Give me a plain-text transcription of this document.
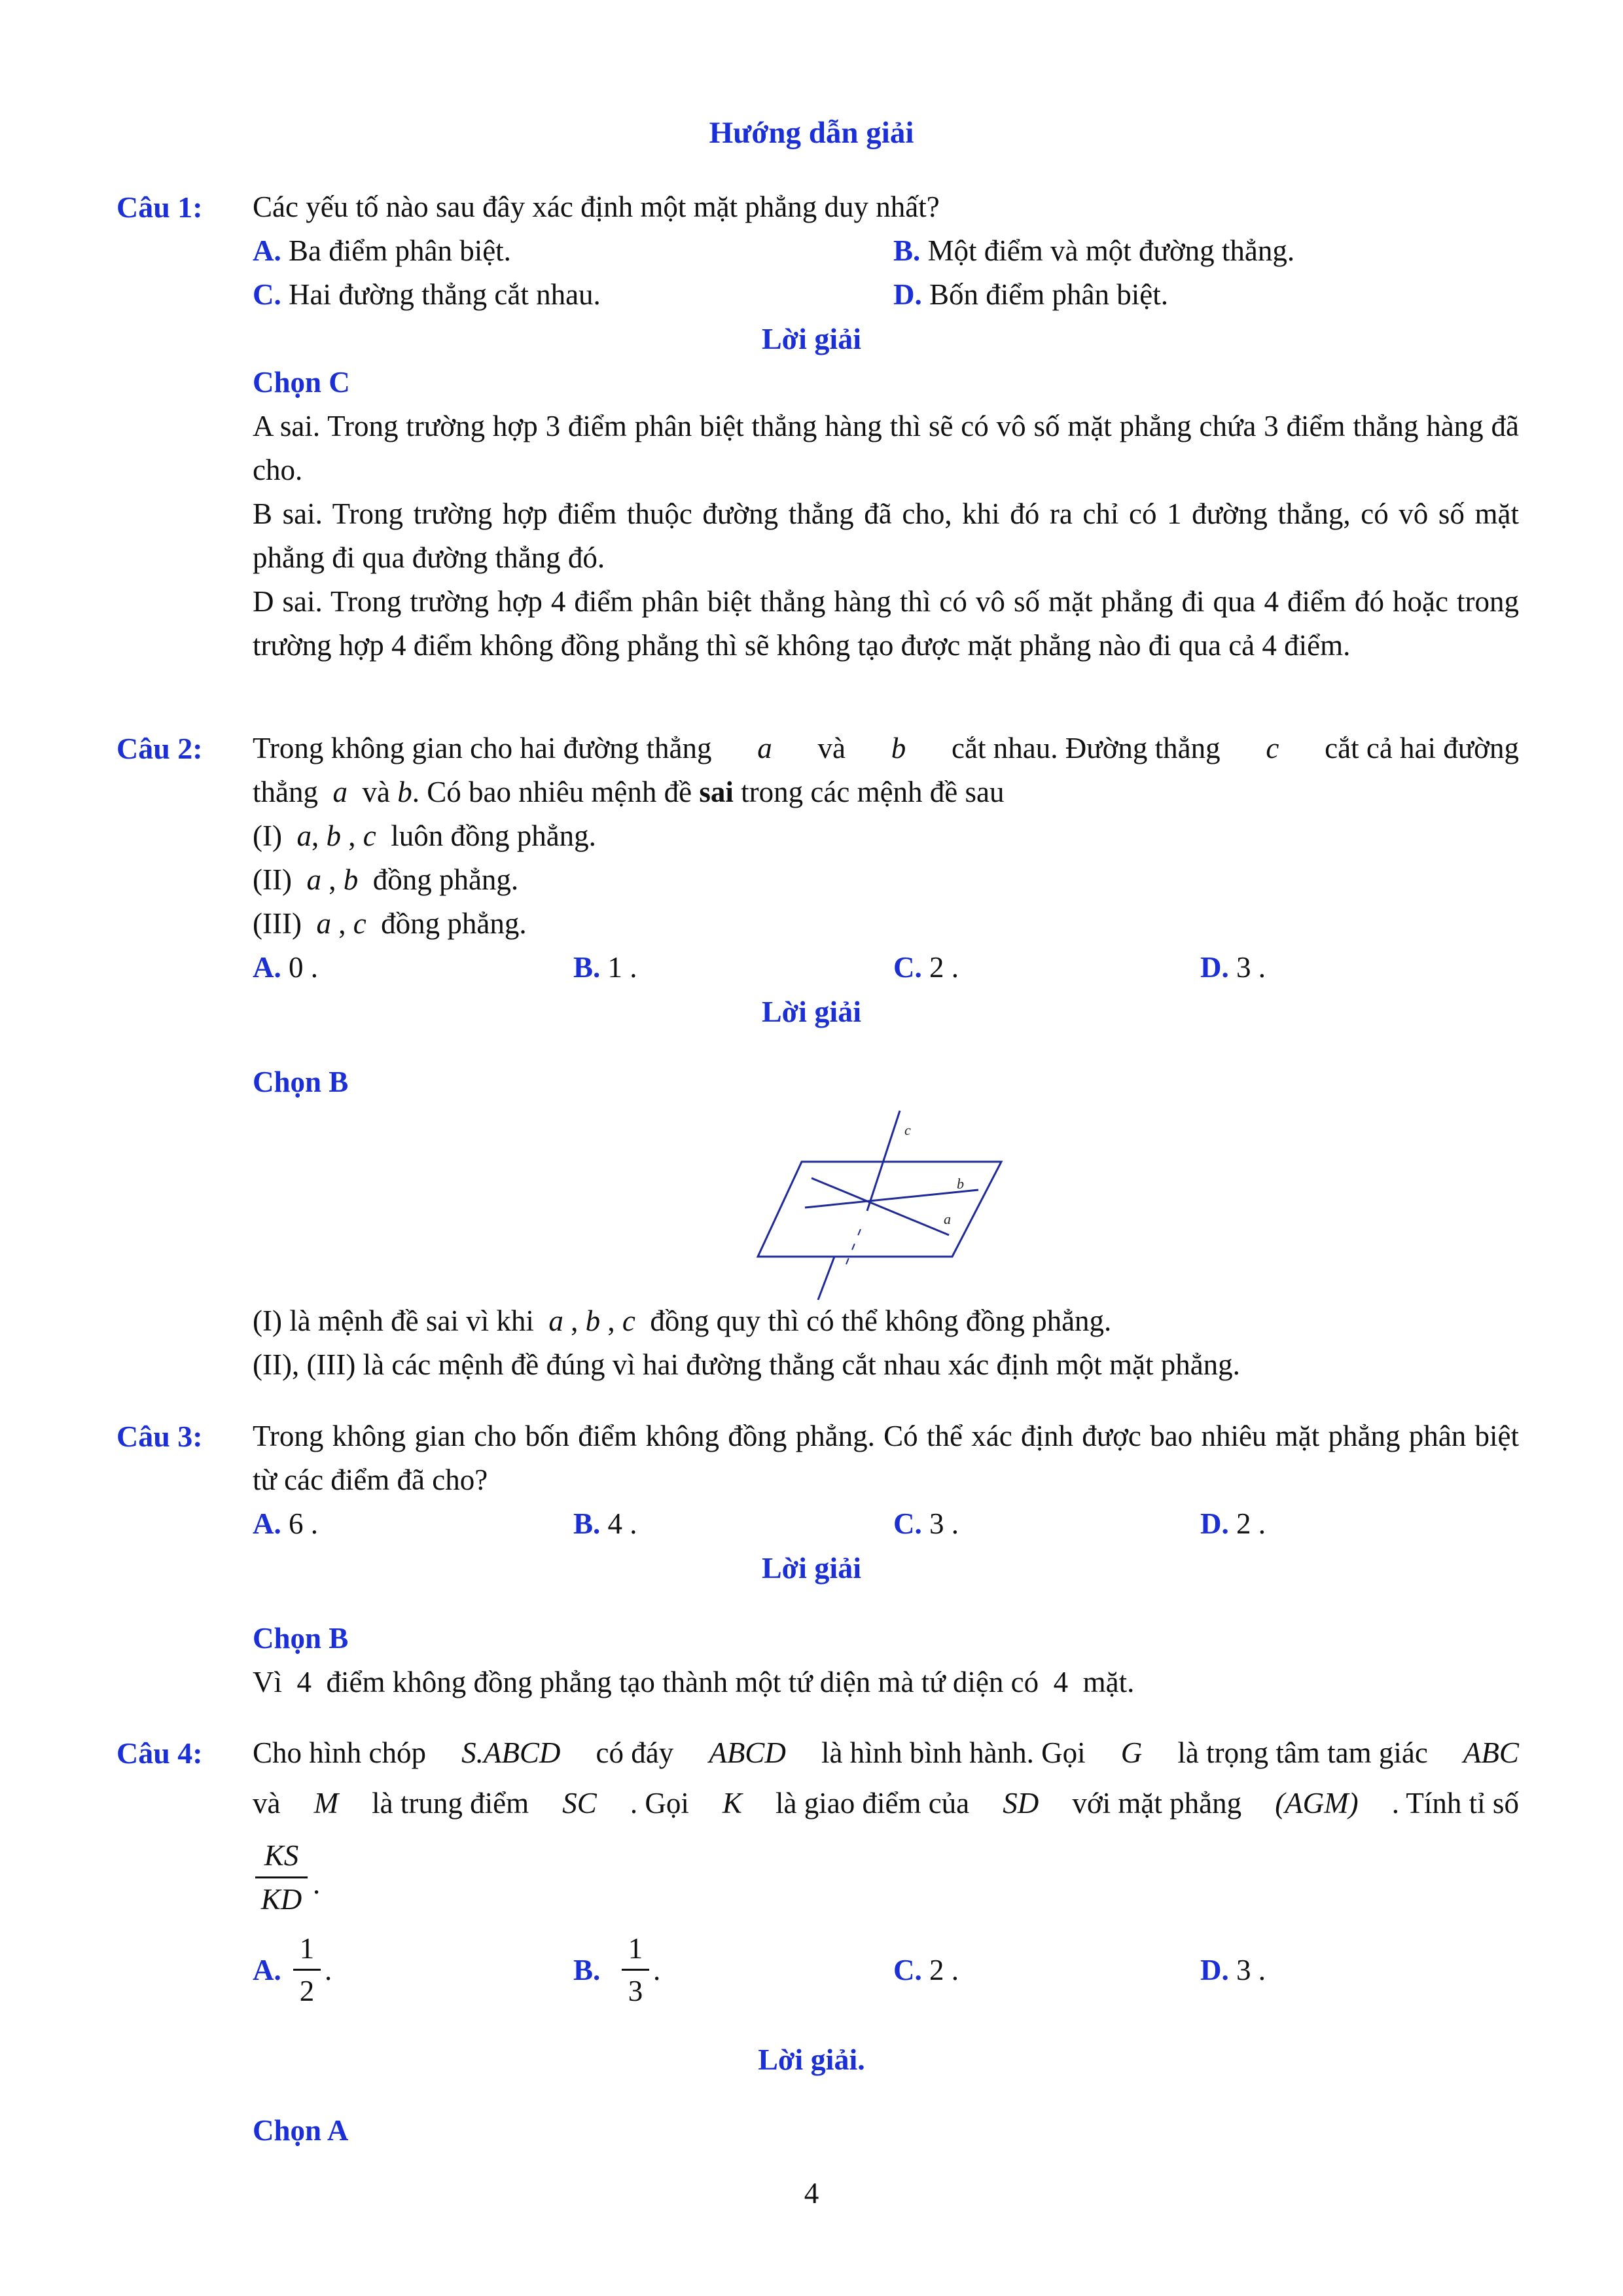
Hướng dẫn giải
Câu 1: Các yếu tố nào sau đây xác định một mặt phẳng duy nhất?
A. Ba điểm phân biệt.	B. Một điểm và một đường thẳng.
C. Hai đường thẳng cắt nhau.	D. Bốn điểm phân biệt.
Lời giải
Chọn C
A sai. Trong trường hợp 3 điểm phân biệt thẳng hàng thì sẽ có vô số mặt phẳng chứa 3 điểm thẳng hàng đã cho.
B sai. Trong trường hợp điểm thuộc đường thẳng đã cho, khi đó ra chỉ có 1 đường thẳng, có vô số mặt phẳng đi qua đường thẳng đó.
D sai. Trong trường hợp 4 điểm phân biệt thẳng hàng thì có vô số mặt phẳng đi qua 4 điểm đó hoặc trong trường hợp 4 điểm không đồng phẳng thì sẽ không tạo được mặt phẳng nào đi qua cả 4 điểm.
Câu 2: Trong không gian cho hai đường thẳng a và b cắt nhau. Đường thẳng c cắt cả hai đường
thẳng a và b. Có bao nhiêu mệnh đề sai trong các mệnh đề sau
(I) a, b , c luôn đồng phẳng.
(II) a , b đồng phẳng.
(III) a , c đồng phẳng.
A. 0 .	B. 1 .	C. 2 .	D. 3 .
Lời giải
Chọn B
c
b
a
(I) là mệnh đề sai vì khi a , b , c đồng quy thì có thể không đồng phẳng.
(II), (III) là các mệnh đề đúng vì hai đường thẳng cắt nhau xác định một mặt phẳng.
Câu 3: Trong không gian cho bốn điểm không đồng phẳng. Có thể xác định được bao nhiêu mặt phẳng phân biệt từ các điểm đã cho?
A. 6 .	B. 4 .	C. 3 .	D. 2 .
Lời giải
Chọn B
Vì  4  điểm không đồng phẳng tạo thành một tứ diện mà tứ diện có  4  mặt.
Câu 4: Cho hình chóp S.ABCD có đáy ABCD là hình bình hành. Gọi G là trọng tâm tam giác ABC
và M là trung điểm SC . Gọi K là giao điểm của SD với mặt phẳng (AGM) . Tính tỉ số
KS
KD .
A.
1
2
.	B.
1
3
.	C. 2 .	D. 3 .
Lời giải.
Chọn A
4
